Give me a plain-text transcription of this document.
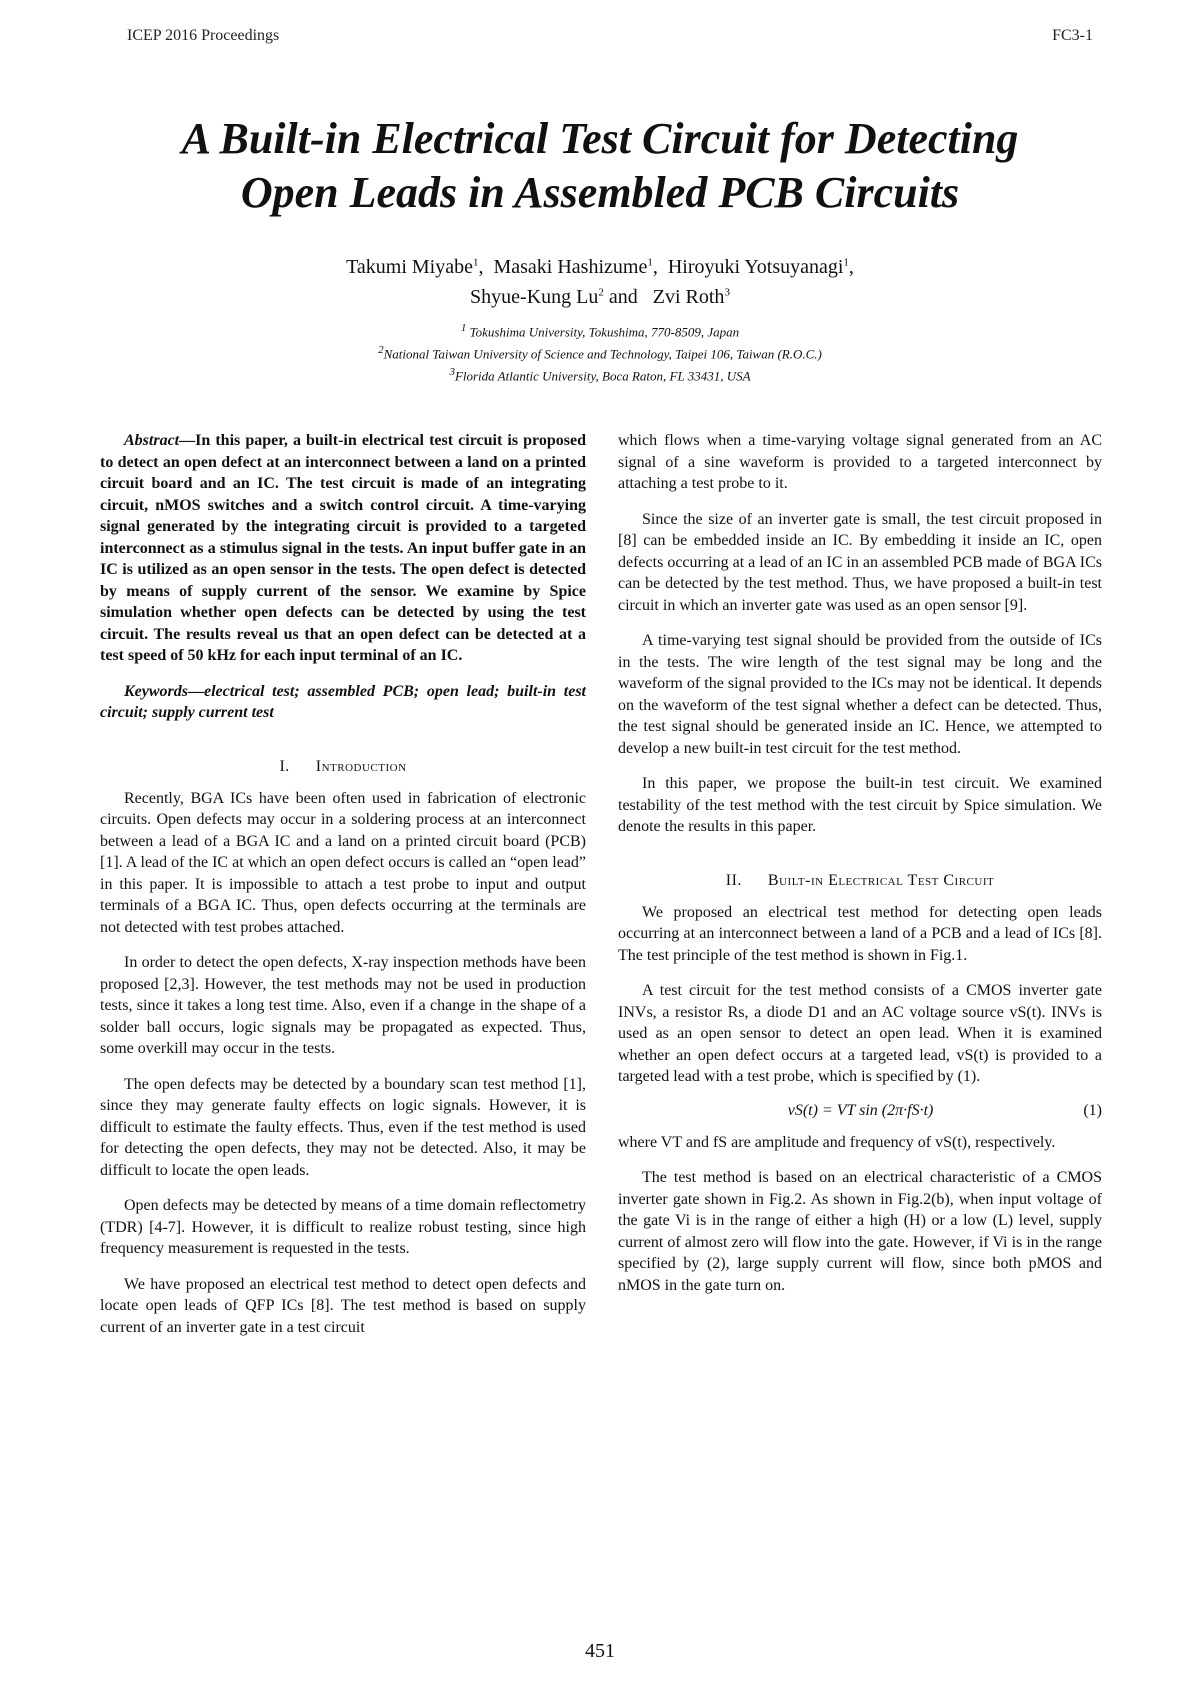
ICEP 2016 Proceedings	FC3-1
A Built-in Electrical Test Circuit for Detecting
Open Leads in Assembled PCB Circuits
Takumi Miyabe$^1$,  Masaki Hashizume$^1$,  Hiroyuki Yotsuyanagi$^1$,
Shyue-Kung Lu$^2$ and Zvi Roth$^3$
$^1$ Tokushima University, Tokushima, 770-8509, Japan
$^2$National Taiwan University of Science and Technology, Taipei 106, Taiwan (R.O.C.)
$^3$Florida Atlantic University, Boca Raton, FL 33431, USA

Abstract—In this paper, a built-in electrical test circuit is proposed to detect an open defect at an interconnect between a land on a printed circuit board and an IC. The test circuit is made of an integrating circuit, nMOS switches and a switch control circuit. A time-varying signal generated by the integrating circuit is provided to a targeted interconnect as a stimulus signal in the tests. An input buffer gate in an IC is utilized as an open sensor in the tests. The open defect is detected by means of supply current of the sensor. We examine by Spice simulation whether open defects can be detected by using the test circuit. The results reveal us that an open defect can be detected at a test speed of 50 kHz for each input terminal of an IC.

Keywords—electrical test; assembled PCB; open lead; built-in test circuit; supply current test

I. Introduction

Recently, BGA ICs have been often used in fabrication of electronic circuits. Open defects may occur in a soldering process at an interconnect between a lead of a BGA IC and a land on a printed circuit board (PCB) [1]. A lead of the IC at which an open defect occurs is called an “open lead” in this paper. It is impossible to attach a test probe to input and output terminals of a BGA IC. Thus, open defects occurring at the terminals are not detected with test probes attached.

In order to detect the open defects, X-ray inspection methods have been proposed [2,3]. However, the test methods may not be used in production tests, since it takes a long test time. Also, even if a change in the shape of a solder ball occurs, logic signals may be propagated as expected. Thus, some overkill may occur in the tests.

The open defects may be detected by a boundary scan test method [1], since they may generate faulty effects on logic signals. However, it is difficult to estimate the faulty effects. Thus, even if the test method is used for detecting the open defects, they may not be detected. Also, it may be difficult to locate the open leads.

Open defects may be detected by means of a time domain reflectometry (TDR) [4-7]. However, it is difficult to realize robust testing, since high frequency measurement is requested in the tests.

We have proposed an electrical test method to detect open defects and locate open leads of QFP ICs [8]. The test method is based on supply current of an inverter gate in a test circuit

which flows when a time-varying voltage signal generated from an AC signal of a sine waveform is provided to a targeted interconnect by attaching a test probe to it.

Since the size of an inverter gate is small, the test circuit proposed in [8] can be embedded inside an IC. By embedding it inside an IC, open defects occurring at a lead of an IC in an assembled PCB made of BGA ICs can be detected by the test method. Thus, we have proposed a built-in test circuit in which an inverter gate was used as an open sensor [9].

A time-varying test signal should be provided from the outside of ICs in the tests. The wire length of the test signal may be long and the waveform of the signal provided to the ICs may not be identical. It depends on the waveform of the test signal whether a defect can be detected. Thus, the test signal should be generated inside an IC. Hence, we attempted to develop a new built-in test circuit for the test method.

In this paper, we propose the built-in test circuit. We examined testability of the test method with the test circuit by Spice simulation. We denote the results in this paper.

II. Built-in Electrical Test Circuit

We proposed an electrical test method for detecting open leads occurring at an interconnect between a land of a PCB and a lead of ICs [8]. The test principle of the test method is shown in Fig.1.

A test circuit for the test method consists of a CMOS inverter gate INVs, a resistor Rs, a diode D1 and an AC voltage source vS(t). INVs is used as an open sensor to detect an open lead. When it is examined whether an open defect occurs at a targeted lead, vS(t) is provided to a targeted lead with a test probe, which is specified by (1).

vS(t) = VT sin (2π·fS·t)	(1)

where VT and fS are amplitude and frequency of vS(t), respectively.

The test method is based on an electrical characteristic of a CMOS inverter gate shown in Fig.2. As shown in Fig.2(b), when input voltage of the gate Vi is in the range of either a high (H) or a low (L) level, supply current of almost zero will flow into the gate. However, if Vi is in the range specified by (2), large supply current will flow, since both pMOS and nMOS in the gate turn on.

451
